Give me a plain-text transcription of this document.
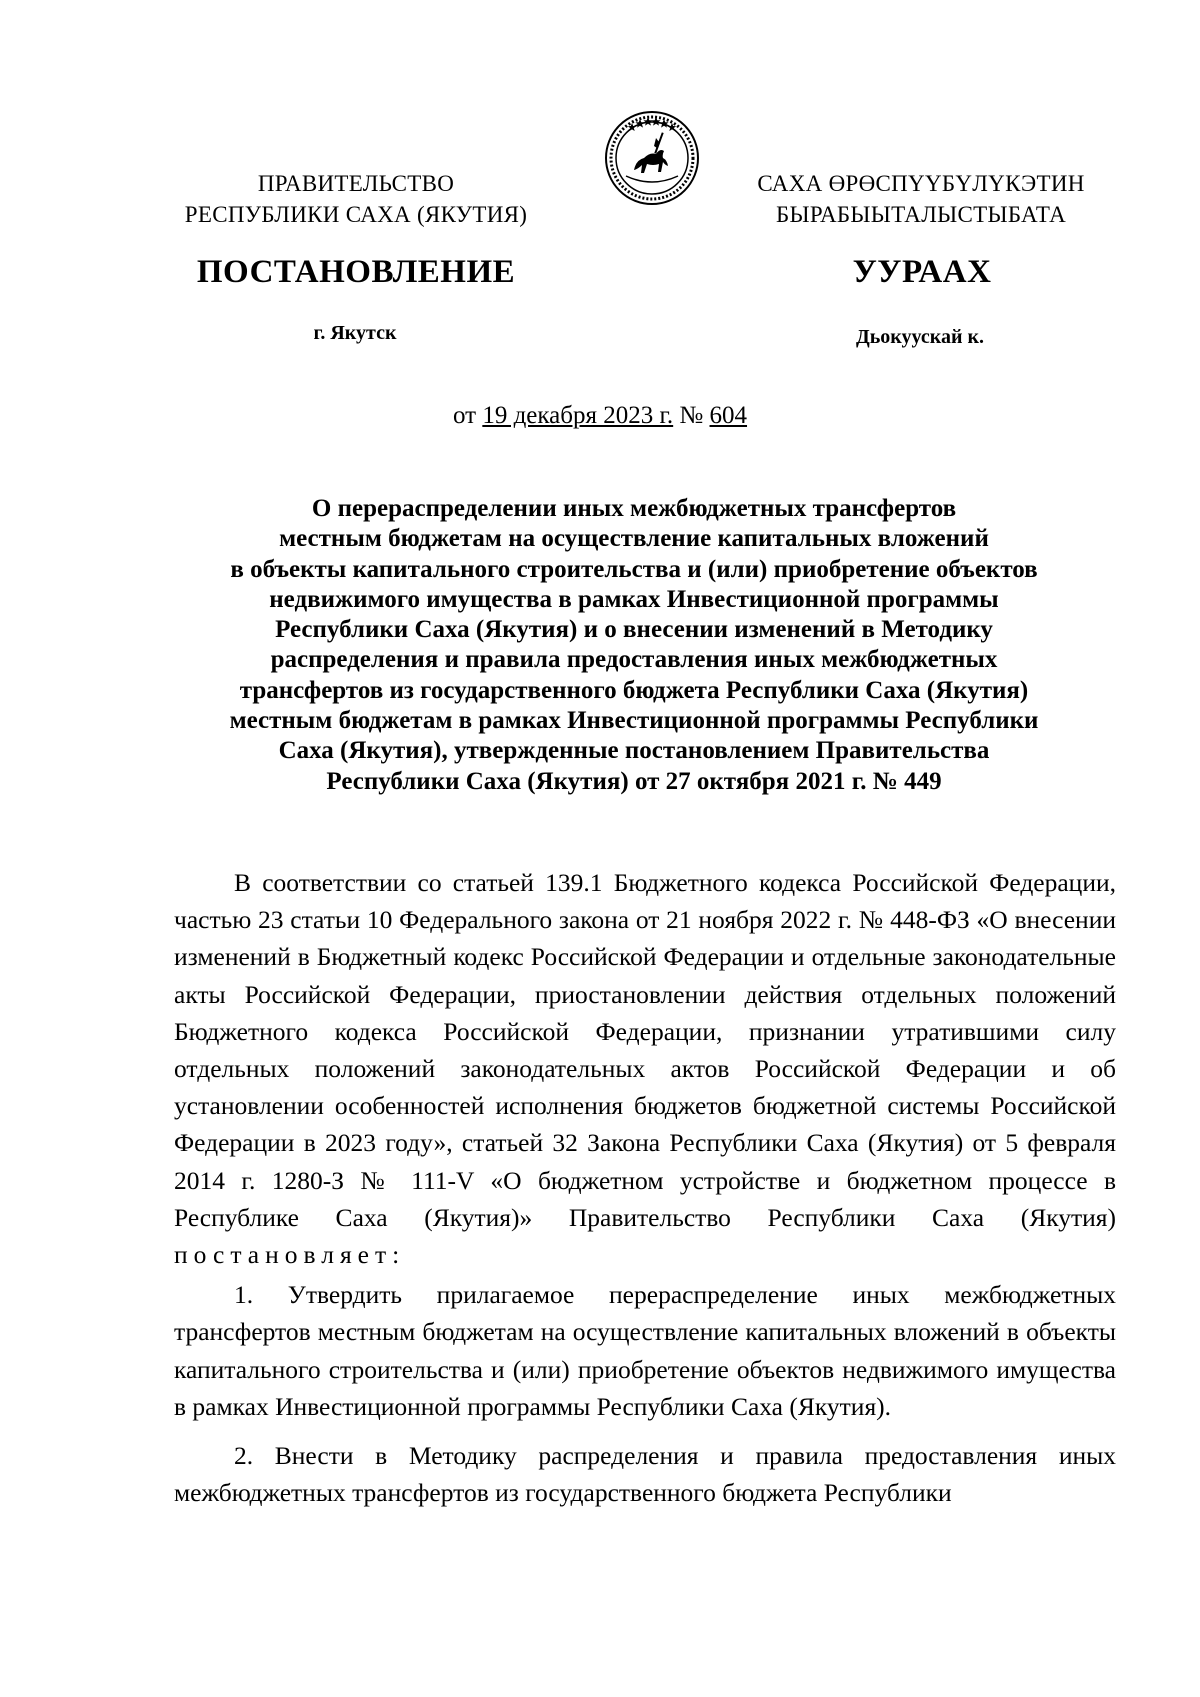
ПРАВИТЕЛЬСТВО
РЕСПУБЛИКИ САХА (ЯКУТИЯ)
САХА ӨРӨСПҮҮБҮЛҮКЭТИН
БЫРАБЫЫТАЛЫСТЫБАТА
ПОСТАНОВЛЕНИЕ	УУРААХ
г. Якутск	Дьокуускай к.
от 19 декабря 2023 г. № 604
О перераспределении иных межбюджетных трансфертов
местным бюджетам на осуществление капитальных вложений
в объекты капитального строительства и (или) приобретение объектов
недвижимого имущества в рамках Инвестиционной программы
Республики Саха (Якутия) и о внесении изменений в Методику
распределения и правила предоставления иных межбюджетных
трансфертов из государственного бюджета Республики Саха (Якутия)
местным бюджетам в рамках Инвестиционной программы Республики
Саха (Якутия), утвержденные постановлением Правительства
Республики Саха (Якутия) от 27 октября 2021 г. № 449

В соответствии со статьей 139.1 Бюджетного кодекса Российской Федерации, частью 23 статьи 10 Федерального закона от 21 ноября 2022 г. № 448-ФЗ «О внесении изменений в Бюджетный кодекс Российской Федерации и отдельные законодательные акты Российской Федерации, приостановлении действия отдельных положений Бюджетного кодекса Российской Федерации, признании утратившими силу отдельных положений законодательных актов Российской Федерации и об установлении особенностей исполнения бюджетов бюджетной системы Российской Федерации в 2023 году», статьей 32 Закона Республики Саха (Якутия) от 5 февраля 2014 г. 1280-З № 111-V «О бюджетном устройстве и бюджетном процессе в Республике Саха (Якутия)» Правительство Республики Саха (Якутия) постановляет:

1. Утвердить прилагаемое перераспределение иных межбюджетных трансфертов местным бюджетам на осуществление капитальных вложений в объекты капитального строительства и (или) приобретение объектов недвижимого имущества в рамках Инвестиционной программы Республики Саха (Якутия).

2. Внести в Методику распределения и правила предоставления иных межбюджетных трансфертов из государственного бюджета Республики
